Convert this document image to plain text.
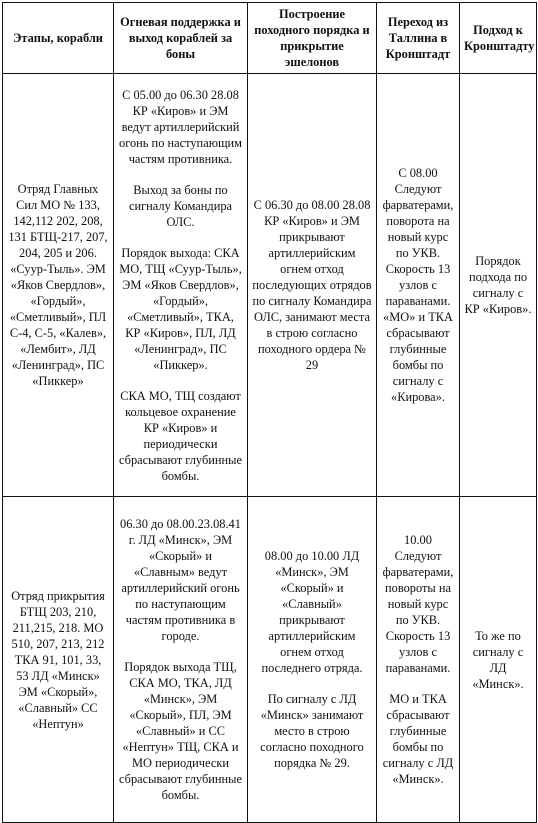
Этапы, корабли	Огневая поддержка и выход кораблей за боны	Построение походного порядка и прикрытие эшелонов	Переход из Таллина в Кронштадт	Подход к Кронштадту
Отряд Главных Сил МО № 133, 142,112 202, 208, 131 БТЩ-217, 207, 204, 205 и 206. «Суур-Тыль». ЭМ «Яков Свердлов», «Гордый», «Сметливый», ПЛ С-4, С-5, «Калев», «Лембит», ЛД «Ленинград», ПС «Пиккер»	С 05.00 до 06.30 28.08 КР «Киров» и ЭМ ведут артиллерийский огонь по наступающим частям противника.
Выход за боны по сигналу Командира ОЛС.
Порядок выхода: СКА МО, ТЩ «Суур-Тыль», ЭМ «Яков Свердлов», «Гордый», «Сметливый», ТКА, КР «Киров», ПЛ, ЛД «Ленинград», ПС «Пиккер».
СКА МО, ТЩ создают кольцевое охранение КР «Киров» и периодически сбрасывают глубинные бомбы.	С 06.30 до 08.00 28.08 КР «Киров» и ЭМ прикрывают артиллерийским огнем отход последующих отрядов по сигналу Командира ОЛС, занимают места в строю согласно походного ордера № 29	С 08.00 Следуют фарватерами, поворота на новый курс по УКВ. Скорость 13 узлов с параванами. «МО» и ТКА сбрасывают глубинные бомбы по сигналу с «Кирова».	Порядок подхода по сигналу с КР «Киров».
Отряд прикрытия БТЩ 203, 210, 211,215, 218. МО 510, 207, 213, 212 ТКА 91, 101, 33, 53 ЛД «Минск» ЭМ «Скорый», «Славный» СС «Нептун»	06.30 до 08.00.23.08.41 г. ЛД «Минск», ЭМ «Скорый» и «Славным» ведут артиллерийский огонь по наступающим частям противника в городе.
Порядок выхода ТЩ, СКА МО, ТКА, ЛД «Минск», ЭМ «Скорый», ПЛ, ЭМ «Славный» и СС «Нептун» ТЩ, СКА и МО периодически сбрасывают глубинные бомбы.	08.00 до 10.00 ЛД «Минск», ЭМ «Скорый» и «Славный» прикрывают артиллерийским огнем отход последнего отряда.
По сигналу с ЛД «Минск» занимают место в строю согласно походного порядка № 29.	10.00 Следуют фарватерами, повороты на новый курс по УКВ. Скорость 13 узлов с параванами.
МО и ТКА сбрасывают глубинные бомбы по сигналу с ЛД «Минск».	То же по сигналу с ЛД «Минск».
